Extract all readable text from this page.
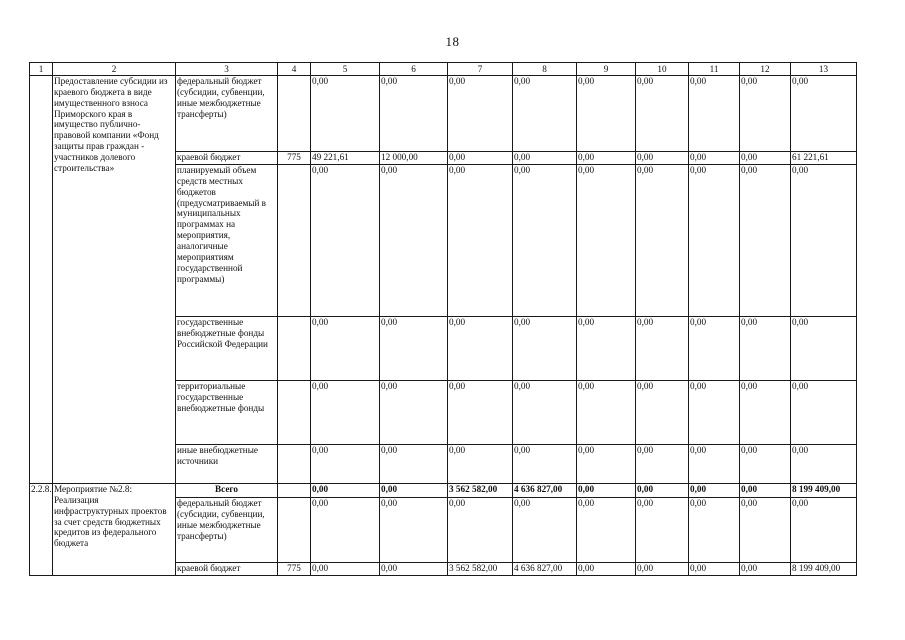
18
1	2	3	4	5	6	7	8	9	10	11	12	13
	Предоставление субсидии из краевого бюджета в виде имущественного взноса Приморского края в имущество публично-правовой компании «Фонд защиты прав граждан - участников долевого строительства»	федеральный бюджет (субсидии, субвенции, иные межбюджетные трансферты)		0,00	0,00	0,00	0,00	0,00	0,00	0,00	0,00	0,00
		краевой бюджет	775	49 221,61	12 000,00	0,00	0,00	0,00	0,00	0,00	0,00	61 221,61
		планируемый объем средств местных бюджетов (предусматриваемый в муниципальных программах на мероприятия, аналогичные мероприятиям государственной программы)		0,00	0,00	0,00	0,00	0,00	0,00	0,00	0,00	0,00
		государственные внебюджетные фонды Российской Федерации		0,00	0,00	0,00	0,00	0,00	0,00	0,00	0,00	0,00
		территориальные государственные внебюджетные фонды		0,00	0,00	0,00	0,00	0,00	0,00	0,00	0,00	0,00
		иные внебюджетные источники		0,00	0,00	0,00	0,00	0,00	0,00	0,00	0,00	0,00
2.2.8.	Мероприятие №2.8: Реализация инфраструктурных проектов за счет средств бюджетных кредитов из федерального бюджета	Всего		0,00	0,00	3 562 582,00	4 636 827,00	0,00	0,00	0,00	0,00	8 199 409,00
		федеральный бюджет (субсидии, субвенции, иные межбюджетные трансферты)		0,00	0,00	0,00	0,00	0,00	0,00	0,00	0,00	0,00
		краевой бюджет	775	0,00	0,00	3 562 582,00	4 636 827,00	0,00	0,00	0,00	0,00	8 199 409,00
